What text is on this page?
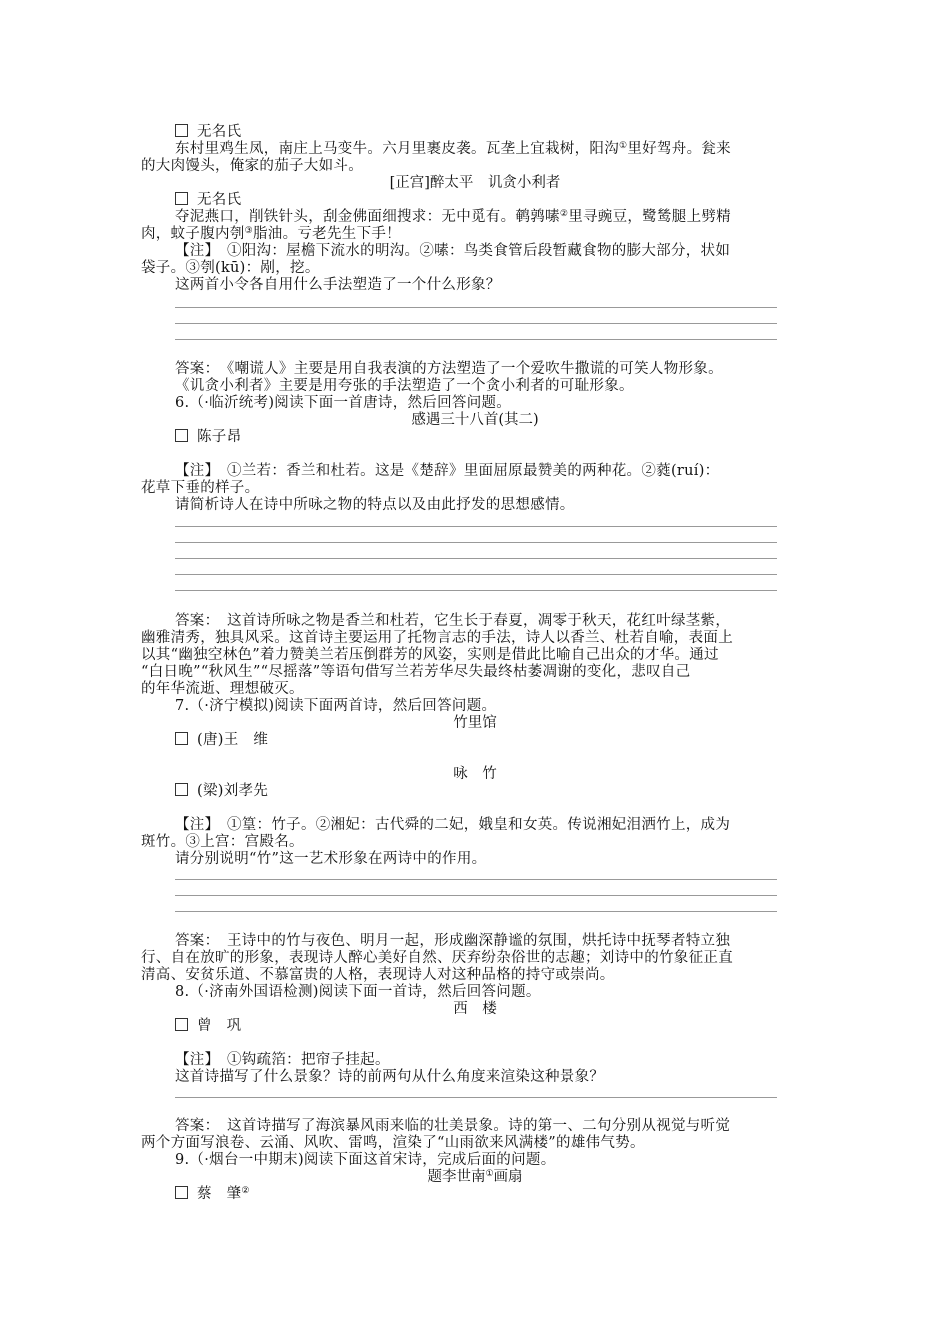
无名氏
东村里鸡生凤，南庄上马变牛。六月里裹皮袭。瓦垄上宜栽树，阳沟①里好驾舟。瓮来
的大肉馒头，俺家的茄子大如斗。
[正宫]醉太平　讥贪小利者
无名氏
夺泥燕口，削铁针头，刮金佛面细搜求：无中觅有。鹌鹑嗉②里寻豌豆，鹭鸶腿上劈精
肉，蚊子腹内刳③脂油。亏老先生下手！
【注】　①阳沟：屋檐下流水的明沟。②嗉：鸟类食管后段暂藏食物的膨大部分，状如
袋子。③刳(kū)：剐，挖。
这两首小令各自用什么手法塑造了一个什么形象？
答案：　《嘲谎人》主要是用自我表演的方法塑造了一个爱吹牛撒谎的可笑人物形象。
《讥贪小利者》主要是用夸张的手法塑造了一个贪小利者的可耻形象。
6.（·临沂统考)阅读下面一首唐诗，然后回答问题。
感遇三十八首(其二)
陈子昂
【注】　①兰若：香兰和杜若。这是《楚辞》里面屈原最赞美的两种花。②蕤(ruí)：
花草下垂的样子。
请简析诗人在诗中所咏之物的特点以及由此抒发的思想感情。
答案：　这首诗所咏之物是香兰和杜若，它生长于春夏，凋零于秋天，花红叶绿茎紫，
幽雅清秀，独具风采。这首诗主要运用了托物言志的手法，诗人以香兰、杜若自喻，表面上
以其“幽独空林色”着力赞美兰若压倒群芳的风姿，实则是借此比喻自己出众的才华。通过
“白日晚”“秋风生”“尽摇落”等语句借写兰若芳华尽失最终枯萎凋谢的变化，悲叹自己
的年华流逝、理想破灭。
7.（·济宁模拟)阅读下面两首诗，然后回答问题。
竹里馆
(唐)王　维
咏　竹
(梁)刘孝先
【注】　①篁：竹子。②湘妃：古代舜的二妃，娥皇和女英。传说湘妃泪洒竹上，成为
斑竹。③上宫：宫殿名。
请分别说明“竹”这一艺术形象在两诗中的作用。
答案：　王诗中的竹与夜色、明月一起，形成幽深静谧的氛围，烘托诗中抚琴者特立独
行、自在放旷的形象，表现诗人醉心美好自然、厌弃纷杂俗世的志趣；刘诗中的竹象征正直
清高、安贫乐道、不慕富贵的人格，表现诗人对这种品格的持守或崇尚。
8.（·济南外国语检测)阅读下面一首诗，然后回答问题。
西　楼
曾　巩
【注】　①钩疏箔：把帘子挂起。
这首诗描写了什么景象？诗的前两句从什么角度来渲染这种景象？
答案：　这首诗描写了海滨暴风雨来临的壮美景象。诗的第一、二句分别从视觉与听觉
两个方面写浪卷、云涌、风吹、雷鸣，渲染了“山雨欲来风满楼”的雄伟气势。
9.（·烟台一中期末)阅读下面这首宋诗，完成后面的问题。
题李世南①画扇
蔡　肇②
